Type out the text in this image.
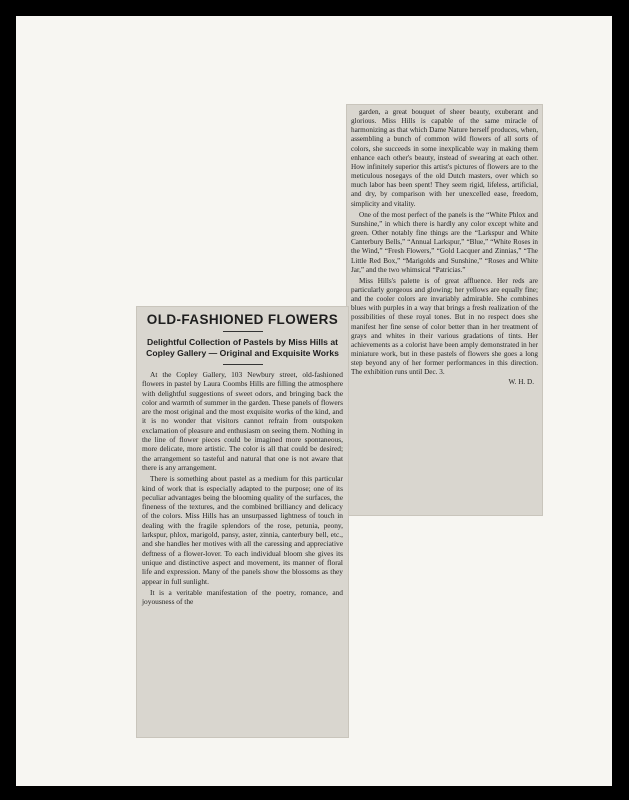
garden, a great bouquet of sheer beauty, exuberant and glorious. Miss Hills is capable of the same miracle of harmonizing as that which Dame Nature herself produces, when, assembling a bunch of common wild flowers of all sorts of colors, she succeeds in some inexplicable way in making them enhance each other's beauty, instead of swearing at each other. How infinitely superior this artist's pictures of flowers are to the meticulous nosegays of the old Dutch masters, over which so much labor has been spent! They seem rigid, lifeless, artificial, and dry, by comparison with her unexcelled ease, freedom, simplicity and vitality.

One of the most perfect of the panels is the “White Phlox and Sunshine,” in which there is hardly any color except white and green. Other notably fine things are the “Larkspur and White Canterbury Bells,” “Annual Larkspur,” “Blue,” “White Roses in the Wind,” “Fresh Flowers,” “Gold Lacquer and Zinnias,” “The Little Red Box,” “Marigolds and Sunshine,” “Roses and White Jar,” and the two whimsical “Patricias.”

Miss Hills's palette is of great affluence. Her reds are particularly gorgeous and glowing; her yellows are equally fine; and the cooler colors are invariably admirable. She combines blues with purples in a way that brings a fresh realization of the possibilities of these royal tones. But in no respect does she manifest her fine sense of color better than in her treatment of grays and whites in their various gradations of tints. Her achievements as a colorist have been amply demonstrated in her miniature work, but in these pastels of flowers she goes a long step beyond any of her former performances in this direction. The exhibition runs until Dec. 3.

W. H. D.

OLD-FASHIONED FLOWERS
Delightful Collection of Pastels by Miss Hills at Copley Gallery — Original and Exquisite Works

At the Copley Gallery, 103 Newbury street, old-fashioned flowers in pastel by Laura Coombs Hills are filling the atmosphere with delightful suggestions of sweet odors, and bringing back the color and warmth of summer in the garden. These panels of flowers are the most original and the most exquisite works of the kind, and it is no wonder that visitors cannot refrain from outspoken exclamation of pleasure and enthusiasm on seeing them. Nothing in the line of flower pieces could be imagined more spontaneous, more delicate, more artistic. The color is all that could be desired; the arrangement so tasteful and natural that one is not aware that there is any arrangement.

There is something about pastel as a medium for this particular kind of work that is especially adapted to the purpose; one of its peculiar advantages being the blooming quality of the surfaces, the fineness of the textures, and the combined brilliancy and delicacy of the colors. Miss Hills has an unsurpassed lightness of touch in dealing with the fragile splendors of the rose, petunia, peony, larkspur, phlox, marigold, pansy, aster, zinnia, canterbury bell, etc., and she handles her motives with all the caressing and appreciative deftness of a flower-lover. To each individual bloom she gives its unique and distinctive aspect and movement, its manner of floral life and expression. Many of the panels show the blossoms as they appear in full sunlight.

It is a veritable manifestation of the poetry, romance, and joyousness of the
